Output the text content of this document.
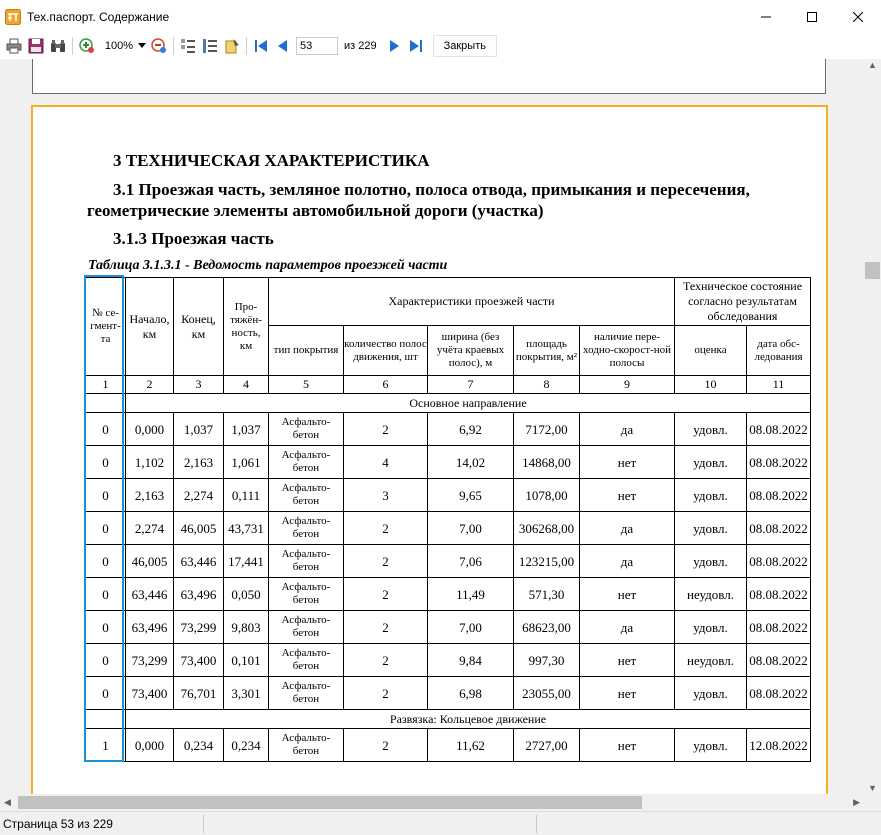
Тех.паспорт. Содержание
100%
53	из 229	Закрыть
3 ТЕХНИЧЕСКАЯ ХАРАКТЕРИСТИКА
3.1 Проезжая часть, земляное полотно, полоса отвода, примыкания и пересечения, геометрические элементы автомобильной дороги (участка)
3.1.3 Проезжая часть
Таблица 3.1.3.1 - Ведомость параметров проезжей части
№ се-гмент-та	Начало, км	Конец, км	Про-тяжён-ность, км	Характеристики проезжей части					Техническое состояние согласно результатам обследования	
				тип покрытия	количество полос движения, шт	ширина (без учёта краевых полос), м	площадь покрытия, м²	наличие пере-ходно-скорост-ной полосы	оценка	дата обс-ледования
1	2	3	4	5	6	7	8	9	10	11
	Основное направление									
0	0,000	1,037	1,037	Асфальто-бетон	2	6,92	7172,00	да	удовл.	08.08.2022
0	1,102	2,163	1,061	Асфальто-бетон	4	14,02	14868,00	нет	удовл.	08.08.2022
0	2,163	2,274	0,111	Асфальто-бетон	3	9,65	1078,00	нет	удовл.	08.08.2022
0	2,274	46,005	43,731	Асфальто-бетон	2	7,00	306268,00	да	удовл.	08.08.2022
0	46,005	63,446	17,441	Асфальто-бетон	2	7,06	123215,00	да	удовл.	08.08.2022
0	63,446	63,496	0,050	Асфальто-бетон	2	11,49	571,30	нет	неудовл.	08.08.2022
0	63,496	73,299	9,803	Асфальто-бетон	2	7,00	68623,00	да	удовл.	08.08.2022
0	73,299	73,400	0,101	Асфальто-бетон	2	9,84	997,30	нет	неудовл.	08.08.2022
0	73,400	76,701	3,301	Асфальто-бетон	2	6,98	23055,00	нет	удовл.	08.08.2022
	Развязка: Кольцевое движение									
1	0,000	0,234	0,234	Асфальто-бетон	2	11,62	2727,00	нет	удовл.	12.08.2022
▲
▼
◀	▶
Страница 53 из 229
